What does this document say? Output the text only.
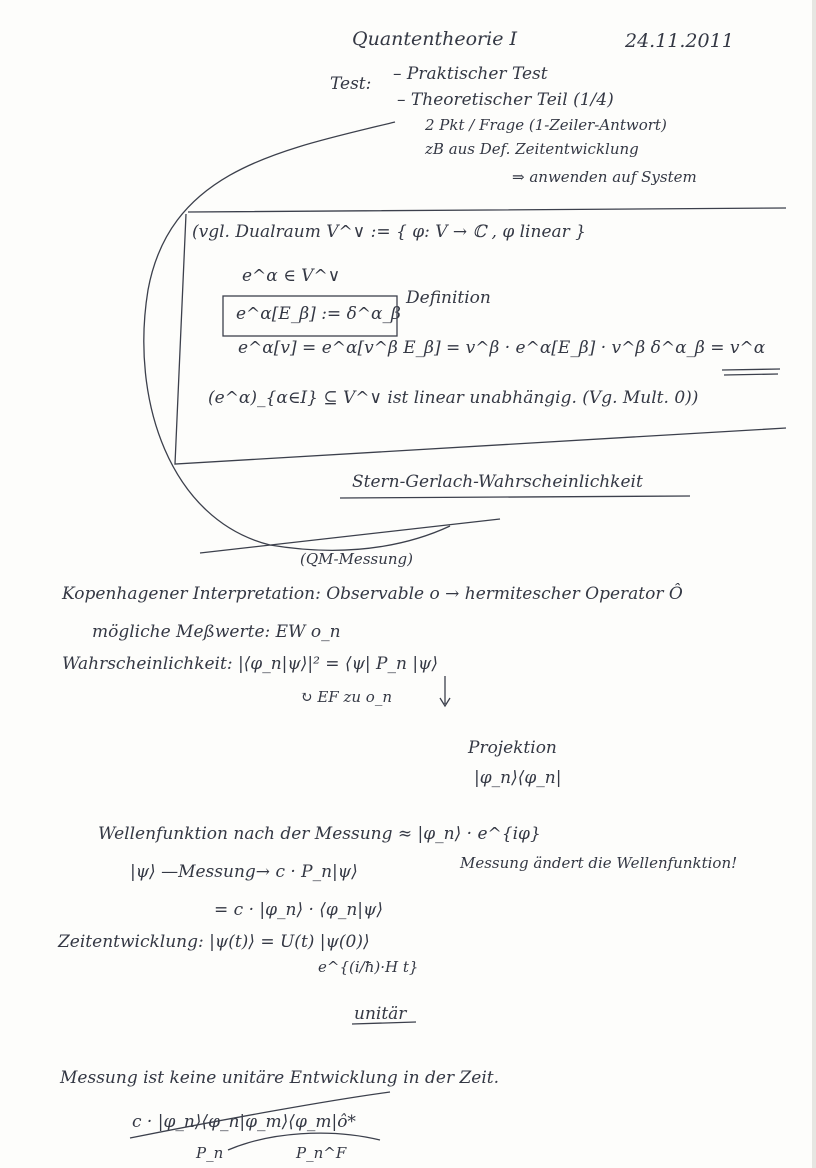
Quantentheorie I	24.11.2011
Test: – Praktischer Test
– Theoretischer Teil (1/4)
2 Pkt / Frage (1-Zeiler-Antwort)
zB aus Def. Zeitentwicklung
⇒ anwenden auf System
(vgl. Dualraum V^∨ := { φ: V → ℂ , φ linear }
e^α ∈ V^∨
e^α[E_β] := δ^α_β
Definition
e^α[v] = e^α[v^β E_β] = v^β · e^α[E_β] · v^β δ^α_β = v^α
(e^α)_{α∈I} ⊆ V^∨ ist linear unabhängig. (Vg. Mult. 0))
Stern-Gerlach-Wahrscheinlichkeit
(QM-Messung)
Kopenhagener Interpretation: Observable o → hermitescher Operator Ô
mögliche Meßwerte: EW o_n
Wahrscheinlichkeit: |⟨φ_n|ψ⟩|² = ⟨ψ| P_n |ψ⟩
↻ EF zu o_n
Projektion
|φ_n⟩⟨φ_n|
Wellenfunktion nach der Messung ≈ |φ_n⟩ · e^{iφ}
Messung ändert die Wellenfunktion!
|ψ⟩ —Messung→ c · P_n|ψ⟩
= c · |φ_n⟩ · ⟨φ_n|ψ⟩
Zeitentwicklung: |ψ(t)⟩ = U(t) |ψ(0)⟩
e^{(i/ħ)·H t}
unitär
Messung ist keine unitäre Entwicklung in der Zeit.
c · |φ_n⟩⟨φ_n|φ_m⟩⟨φ_m|ô*
P_n	P_n^F
